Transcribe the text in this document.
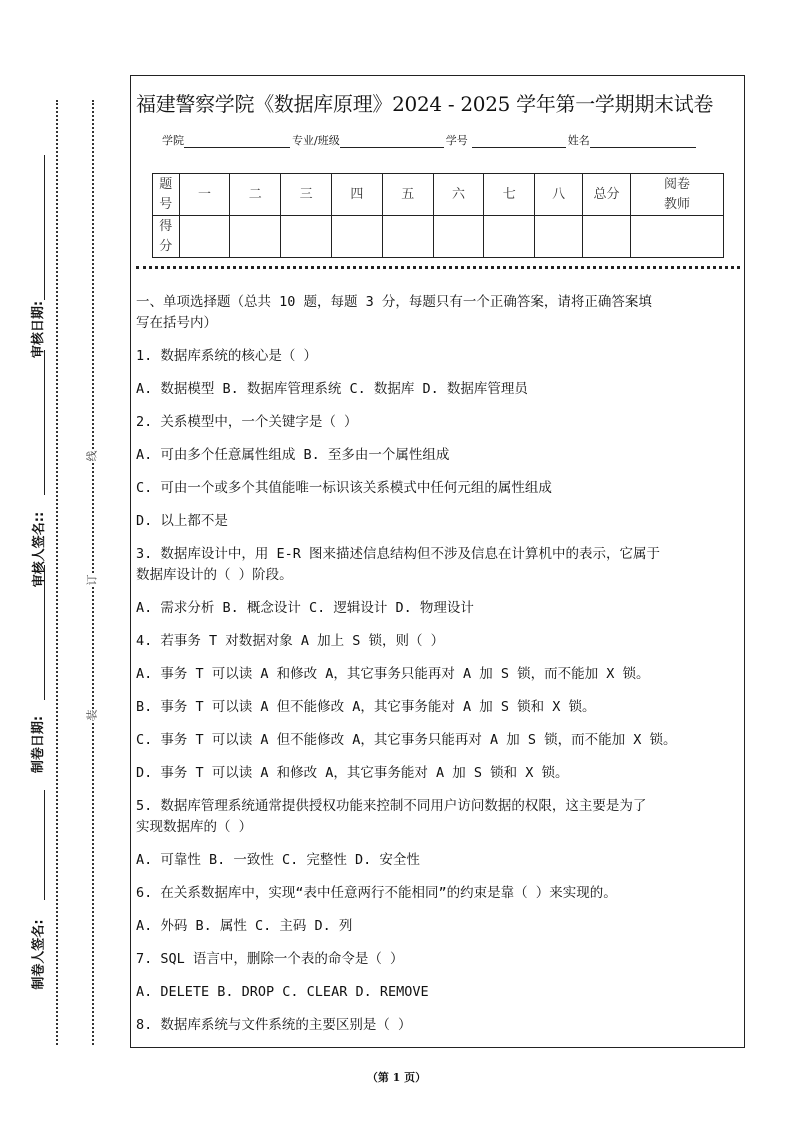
福建警察学院《数据库原理》2024 - 2025 学年第一学期期末试卷
学院	专业/班级	学号	姓名
题号	一	二	三	四	五	六	七	八	总分	阅卷教师
得分										
一、单项选择题（总共 10 题，每题 3 分，每题只有一个正确答案，请将正确答案填
写在括号内）
1. 数据库系统的核心是（ ）
A. 数据模型 B. 数据库管理系统 C. 数据库 D. 数据库管理员
2. 关系模型中，一个关键字是（ ）
A. 可由多个任意属性组成 B. 至多由一个属性组成
C. 可由一个或多个其值能唯一标识该关系模式中任何元组的属性组成
D. 以上都不是
3. 数据库设计中，用 E-R 图来描述信息结构但不涉及信息在计算机中的表示，它属于
数据库设计的（ ）阶段。
A. 需求分析 B. 概念设计 C. 逻辑设计 D. 物理设计
4. 若事务 T 对数据对象 A 加上 S 锁，则（ ）
A. 事务 T 可以读 A 和修改 A，其它事务只能再对 A 加 S 锁，而不能加 X 锁。
B. 事务 T 可以读 A 但不能修改 A，其它事务能对 A 加 S 锁和 X 锁。
C. 事务 T 可以读 A 但不能修改 A，其它事务只能再对 A 加 S 锁，而不能加 X 锁。
D. 事务 T 可以读 A 和修改 A，其它事务能对 A 加 S 锁和 X 锁。
5. 数据库管理系统通常提供授权功能来控制不同用户访问数据的权限，这主要是为了
实现数据库的（ ）
A. 可靠性 B. 一致性 C. 完整性 D. 安全性
6. 在关系数据库中，实现“表中任意两行不能相同”的约束是靠（ ）来实现的。
A. 外码 B. 属性 C. 主码 D. 列
7. SQL 语言中，删除一个表的命令是（ ）
A. DELETE B. DROP C. CLEAR D. REMOVE
8. 数据库系统与文件系统的主要区别是（ ）
审核日期:
审核人签名::
制卷日期:
制卷人签名:
线
订
装
（第 1 页）
